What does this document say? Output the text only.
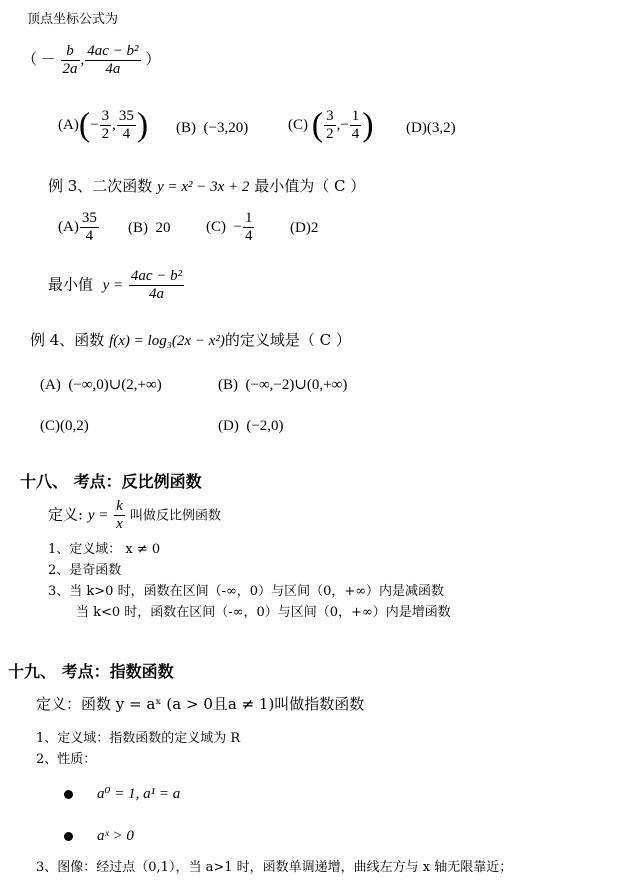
顶点坐标公式为
（ － $\frac{b}{2a}$ , $\frac{\text{4ac − b²}}{4a}$ ）
$(A)(- \frac{3}{2}$ , $\frac{35}{4}$ ) (B) (−3,20)	(C) ( $\frac{3}{2}$ ,− $\frac{1}{4}$ ) (D)(3,2)
例 3、二次函数 y = x² − 3x + 2 最小值为（ C ）
$(A) \frac{35}{4} (B)$ 20 $(C) - \frac{1}{4} (D)2$
最小值 $y = \frac{\text{4ac − b²}}{4a}$
例 4、函数 f(x) = log₃(2x − x²)的定义域是（ C ）
(A) (−∞,0)∪(2,+∞)	(B) (−∞,−2)∪(0,+∞)
(C)(0,2)	(D) (−2,0)
十八、 考点：反比例函数
定义: $y = \frac{k}{x}$ 叫做反比例函数
1、定义域： x ≠ 0
2、是奇函数
3、当 k>0 时，函数在区间（-∞，0）与区间（0，+∞）内是减函数
当 k<0 时，函数在区间（-∞，0）与区间（0，+∞）内是增函数
十九、 考点：指数函数
定义：函数 y = aˣ (a > 0且a ≠ 1)叫做指数函数
1、定义域：指数函数的定义域为 R
2、性质：
a⁰ = 1, a¹ = a
aˣ > 0
3、图像：经过点（0,1），当 a>1 时，函数单调递增，曲线左方与 x 轴无限靠近；
